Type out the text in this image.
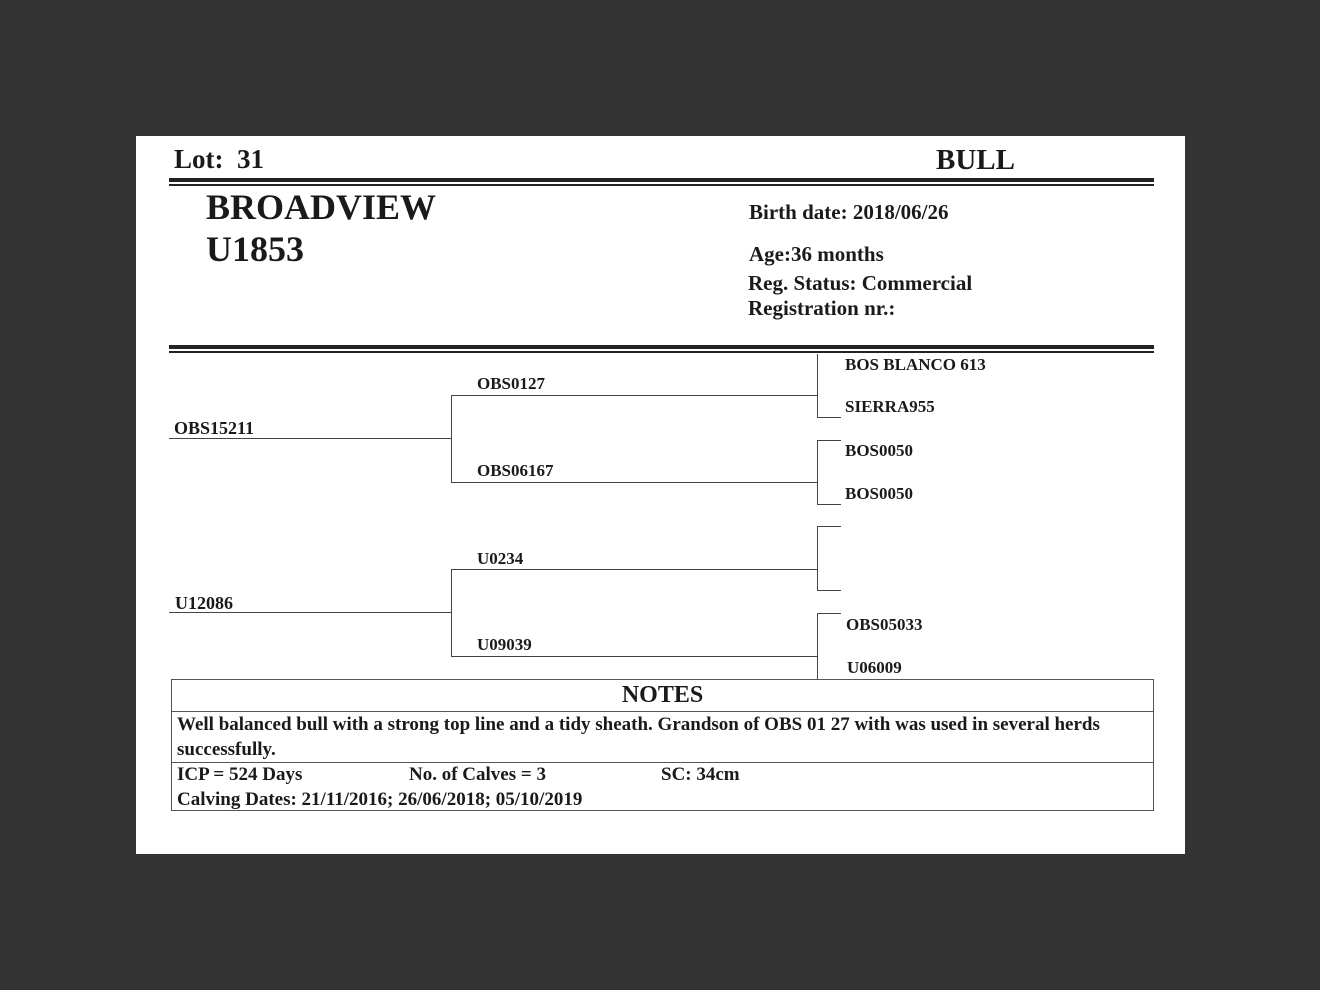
Lot: 31	BULL
BROADVIEW
U1853
Birth date: 2018/06/26
Age:36 months
Reg. Status: Commercial
Registration nr.:
OBS15211
U12086
OBS0127
OBS06167
U0234
U09039
BOS BLANCO 613
SIERRA955
BOS0050
BOS0050
OBS05033
U06009
NOTES
Well balanced bull with a strong top line and a tidy sheath. Grandson of OBS 01 27 with was used in several herds successfully.
ICP = 524 Days	No. of Calves = 3	SC: 34cm
Calving Dates: 21/11/2016; 26/06/2018; 05/10/2019
